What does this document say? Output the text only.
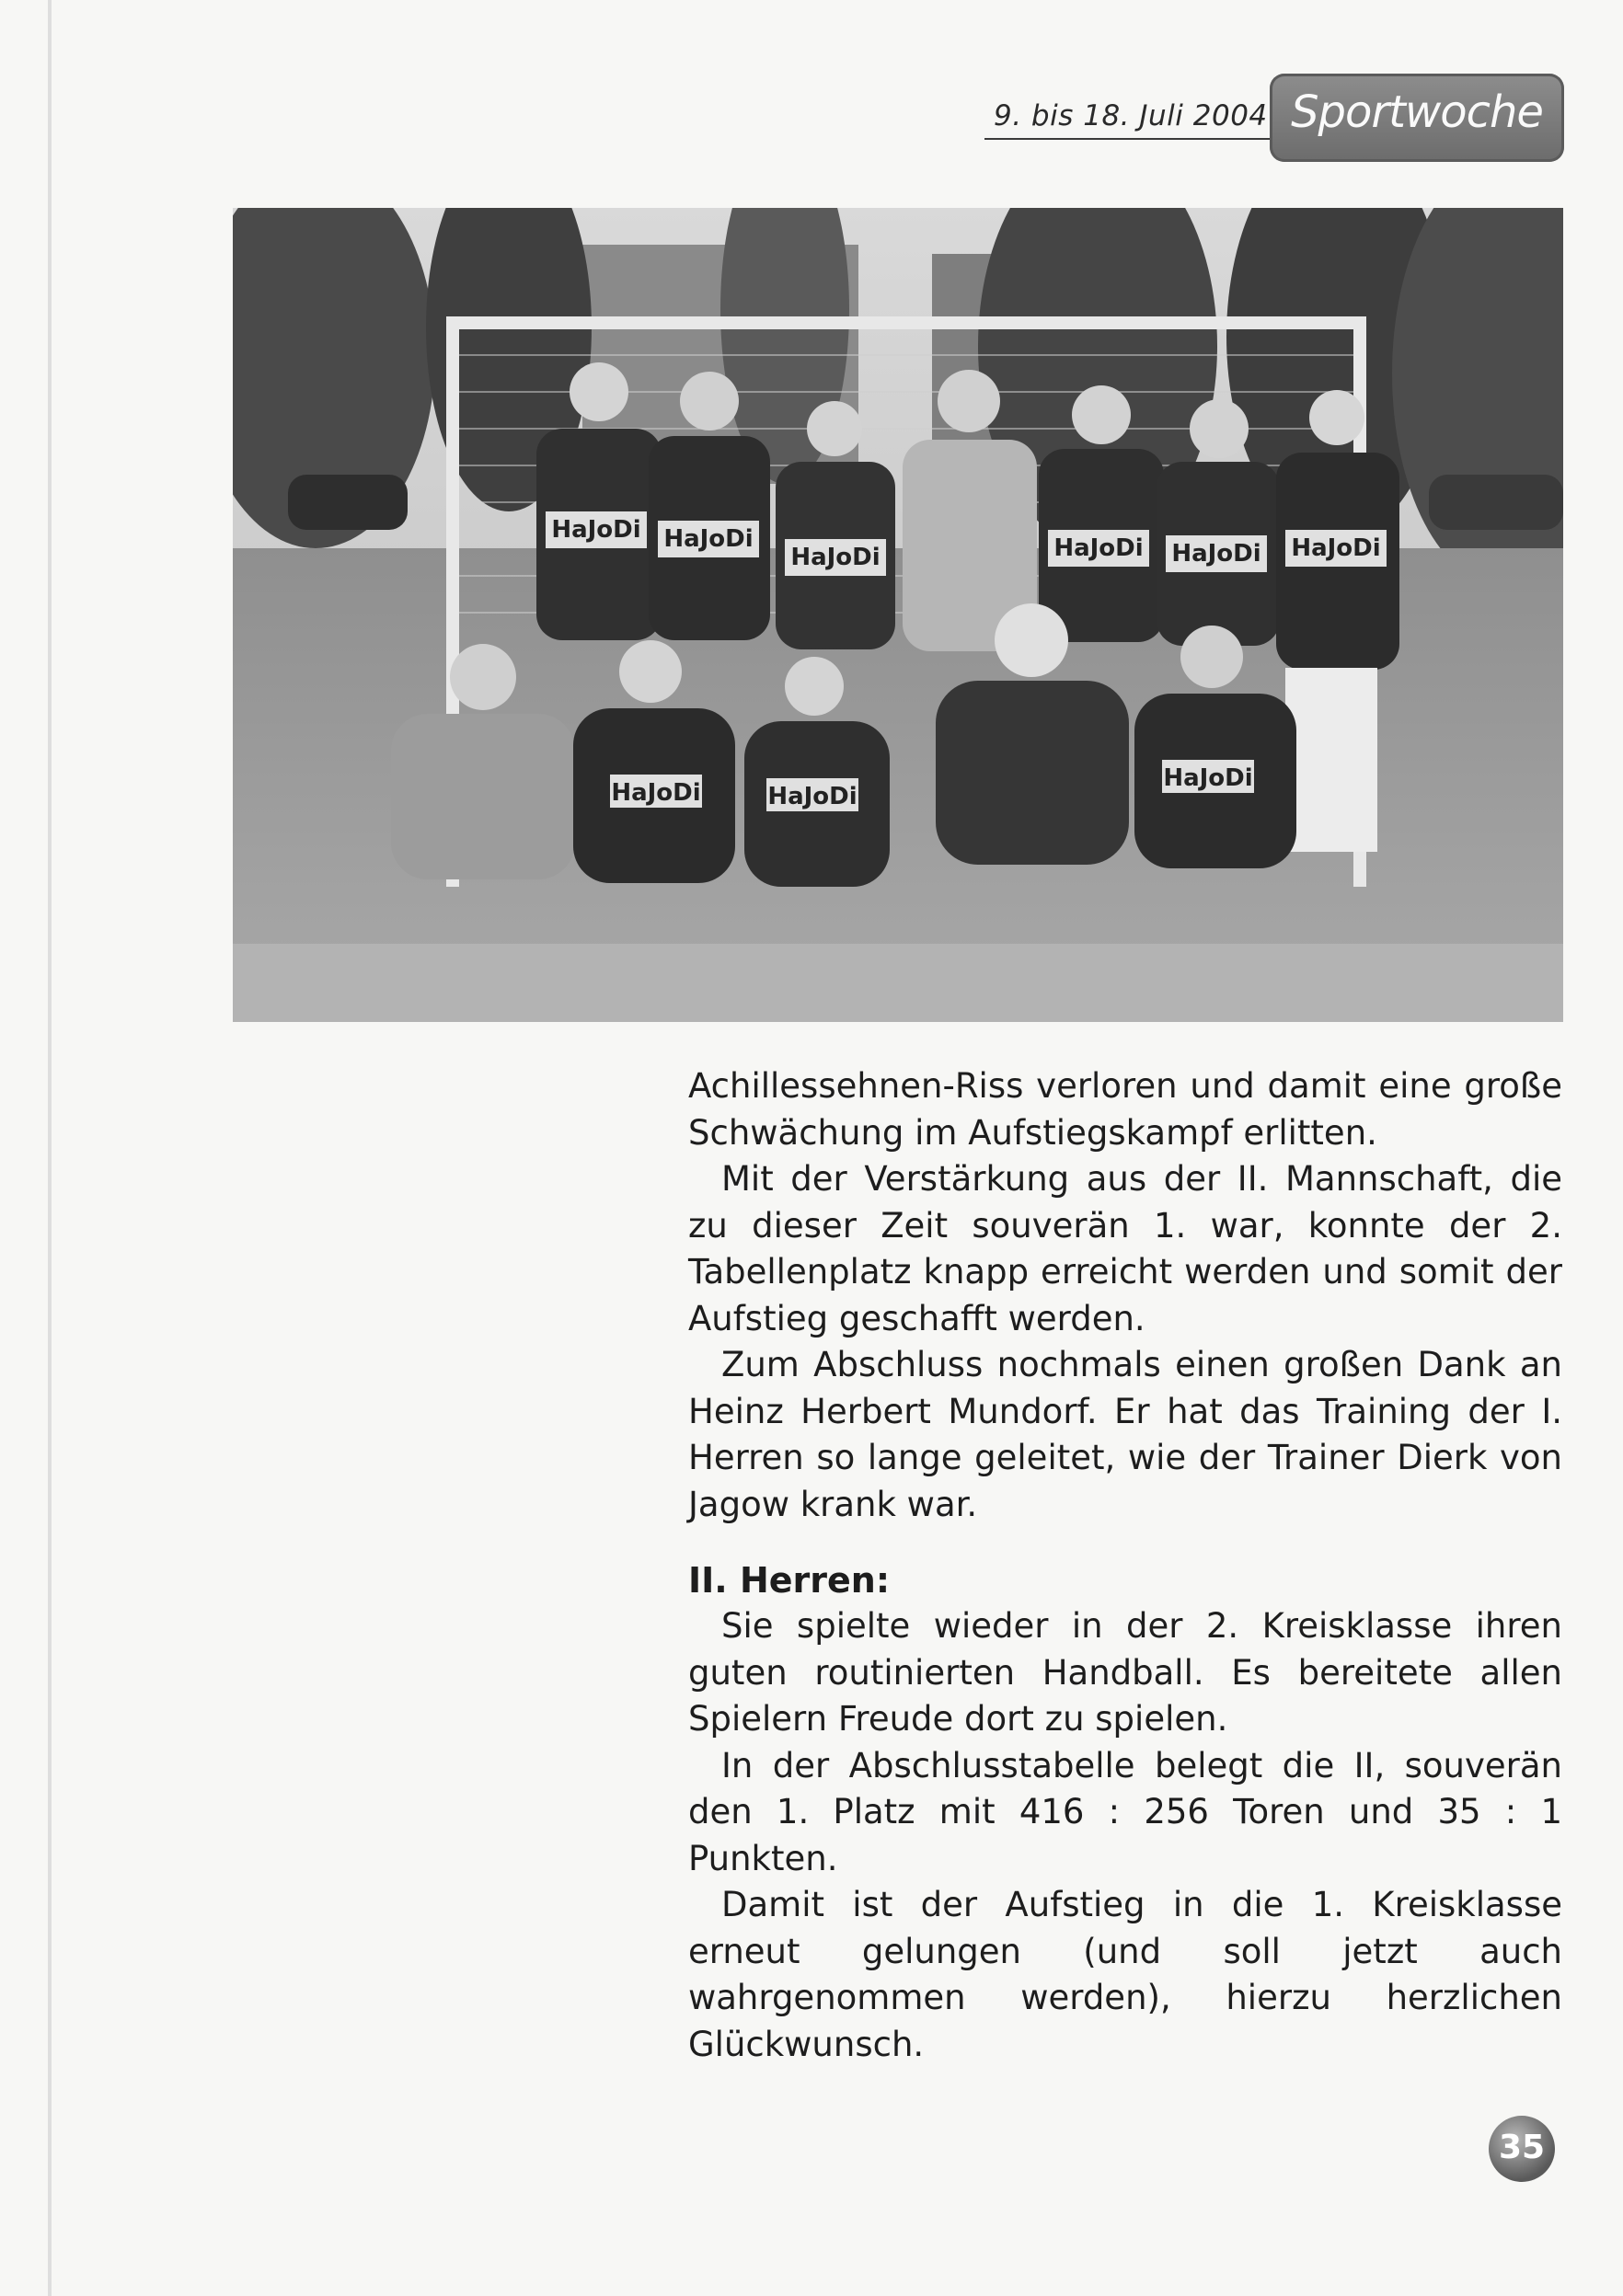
9. bis 18. Juli 2004 Sportwoche
HaJoDi HaJoDi
HaJoDi	HaJoDi HaJoDi HaJoDi
HaJoDi	HaJoDi
HaJoDi

Achillessehnen-Riss verloren und damit eine große Schwächung im Aufstiegskampf erlitten.

Mit der Verstärkung aus der II. Mannschaft, die zu dieser Zeit souverän 1. war, konnte der 2. Tabellenplatz knapp erreicht werden und somit der Aufstieg geschafft werden.

Zum Abschluss nochmals einen großen Dank an Heinz Herbert Mundorf. Er hat das Training der I. Herren so lange geleitet, wie der Trainer Dierk von Jagow krank war.

II. Herren:

Sie spielte wieder in der 2. Kreisklasse ihren guten routinierten Handball. Es bereitete allen Spielern Freude dort zu spielen.

In der Abschlusstabelle belegt die II, souverän den 1. Platz mit 416 : 256 Toren und 35 : 1 Punkten.

Damit ist der Aufstieg in die 1. Kreisklasse erneut gelungen (und soll jetzt auch wahrgenommen werden), hierzu herzlichen Glückwunsch.

35
